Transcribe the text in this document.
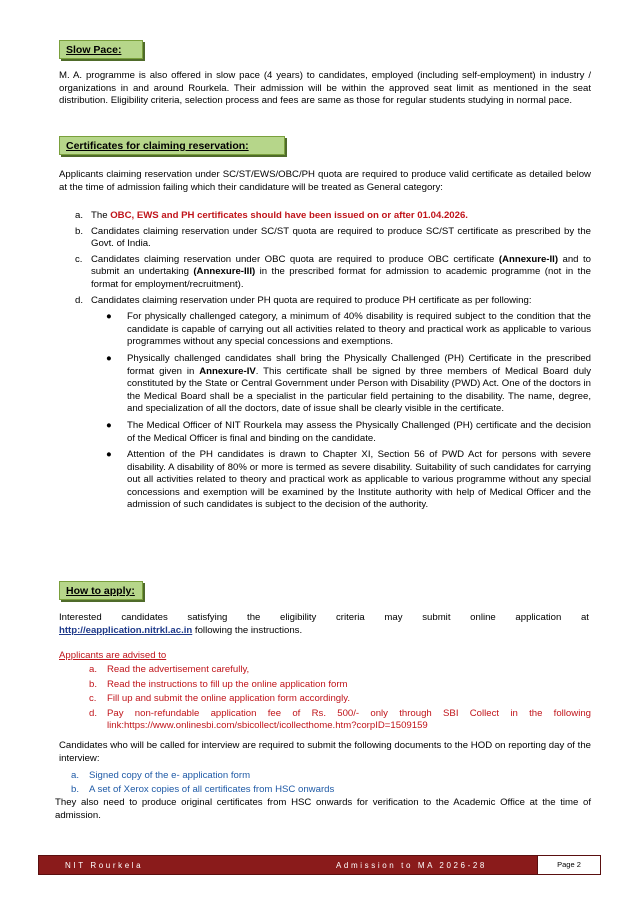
Slow Pace:
M. A. programme is also offered in slow pace (4 years) to candidates, employed (including self-employment) in industry / organizations in and around Rourkela. Their admission will be within the approved seat limit as mentioned in the seat distribution. Eligibility criteria, selection process and fees are same as those for regular students studying in normal pace.
Certificates for claiming reservation:
Applicants claiming reservation under SC/ST/EWS/OBC/PH quota are required to produce valid certificate as detailed below at the time of admission failing which their candidature will be treated as General category:
a. The OBC, EWS and PH certificates should have been issued on or after 01.04.2026.
b. Candidates claiming reservation under SC/ST quota are required to produce SC/ST certificate as prescribed by the Govt. of India.
c. Candidates claiming reservation under OBC quota are required to produce OBC certificate (Annexure-II) and to submit an undertaking (Annexure-III) in the prescribed format for admission to academic programme (not in the format for employment/recruitment).
d. Candidates claiming reservation under PH quota are required to produce PH certificate as per following:
● For physically challenged category, a minimum of 40% disability is required subject to the condition that the candidate is capable of carrying out all activities related to theory and practical work as applicable to various programmes without any special concessions and exemptions.
● Physically challenged candidates shall bring the Physically Challenged (PH) Certificate in the prescribed format given in Annexure-IV. This certificate shall be signed by three members of Medical Board duly constituted by the State or Central Government under Person with Disability (PWD) Act. One of the doctors in the Medical Board shall be a specialist in the particular field pertaining to the disability. The name, degree, and specialization of all the doctors, date of issue shall be clearly visible in the certificate.
● The Medical Officer of NIT Rourkela may assess the Physically Challenged (PH) certificate and the decision of the Medical Officer is final and binding on the candidate.
● Attention of the PH candidates is drawn to Chapter XI, Section 56 of PWD Act for persons with severe disability. A disability of 80% or more is termed as severe disability. Suitability of such candidates for carrying out all activities related to theory and practical work as applicable to various programme without any special concessions and exemption will be examined by the Institute authority with help of Medical Officer and the admission of such candidates is subject to the decision of the authority.
How to apply:
Interested candidates satisfying the eligibility criteria may submit online application at
http://eapplication.nitrkl.ac.in following the instructions.
Applicants are advised to
a. Read the advertisement carefully,
b. Read the instructions to fill up the online application form
c. Fill up and submit the online application form accordingly.
d. Pay non-refundable application fee of Rs. 500/- only through SBI Collect in the following link:https://www.onlinesbi.com/sbicollect/icollecthome.htm?corpID=1509159
Candidates who will be called for interview are required to submit the following documents to the HOD on reporting day of the interview:
a. Signed copy of the e- application form
b. A set of Xerox copies of all certificates from HSC onwards
They also need to produce original certificates from HSC onwards for verification to the Academic Office at the time of admission.
NIT Rourkela	Admission to MA 2026-28	Page 2
